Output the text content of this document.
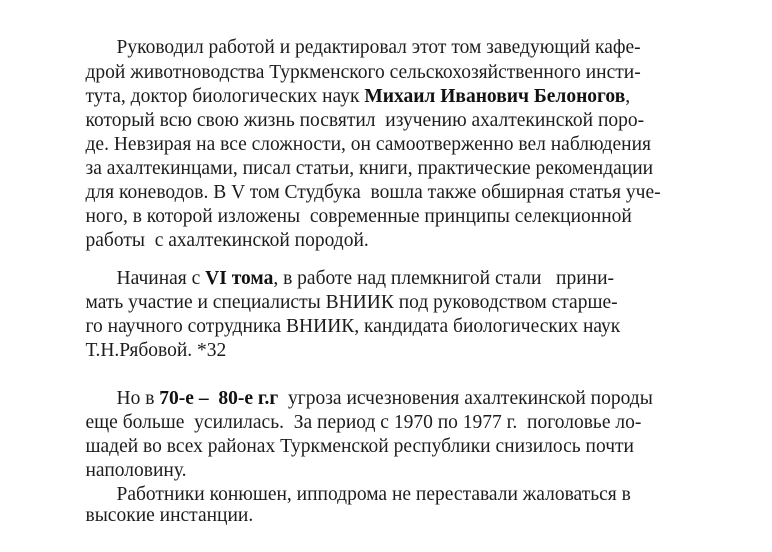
Руководил работой и редактировал этот том заведующий кафе-

дрой животноводства Туркменского сельскохозяйственного инсти-

тута, доктор биологических наук Михаил Иванович Белоногов,

который всю свою жизнь посвятил  изучению ахалтекинской поро-

де. Невзирая на все сложности, он самоотверженно вел наблюдения

за ахалтекинцами, писал статьи, книги, практические рекомендации

для коневодов. В V том Студбука  вошла также обширная статья уче-

ного, в которой изложены  современные принципы селекционной

работы  с ахалтекинской породой.

Начиная с VI тома, в работе над племкнигой стали   прини-

мать участие и специалисты ВНИИК под руководством старше-

го научного сотрудника ВНИИК, кандидата биологических наук

Т.Н.Рябовой. *32

Но в 70-е –  80-е г.г  угроза исчезновения ахалтекинской породы

еще больше  усилилась.  За период с 1970 по 1977 г.  поголовье ло-

шадей во всех районах Туркменской республики снизилось почти

наполовину.

Работники конюшен, ипподрома не переставали жаловаться в

высокие инстанции.
